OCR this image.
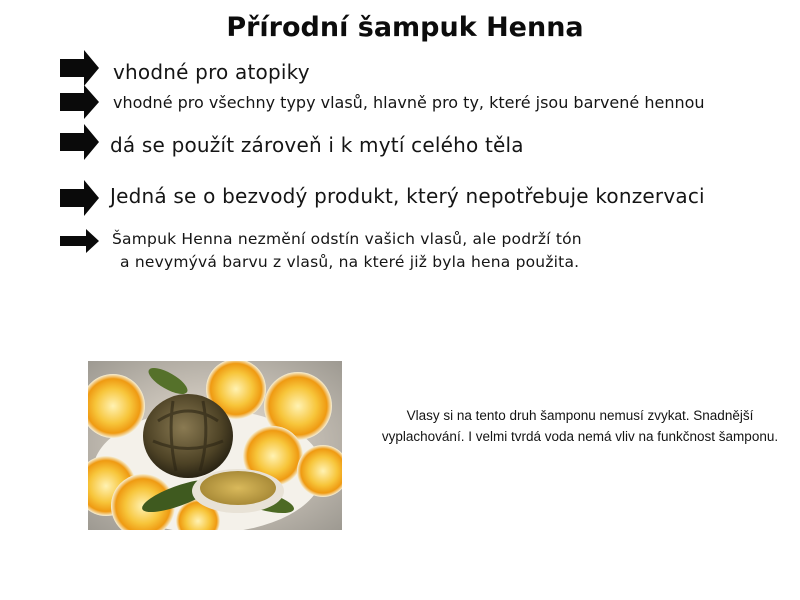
Přírodní šampuk Henna
vhodné pro atopiky
vhodné pro všechny typy vlasů, hlavně pro ty, které jsou barvené hennou
dá se použít zároveň i k mytí celého těla
Jedná se o bezvodý produkt, který nepotřebuje konzervaci
Šampuk Henna nezmění odstín vašich vlasů, ale podrží tón
a nevymývá barvu z vlasů, na které již byla hena použita.
Vlasy si na tento druh šamponu nemusí zvykat. Snadnější vyplachování. I velmi tvrdá voda nemá vliv na funkčnost šamponu.
